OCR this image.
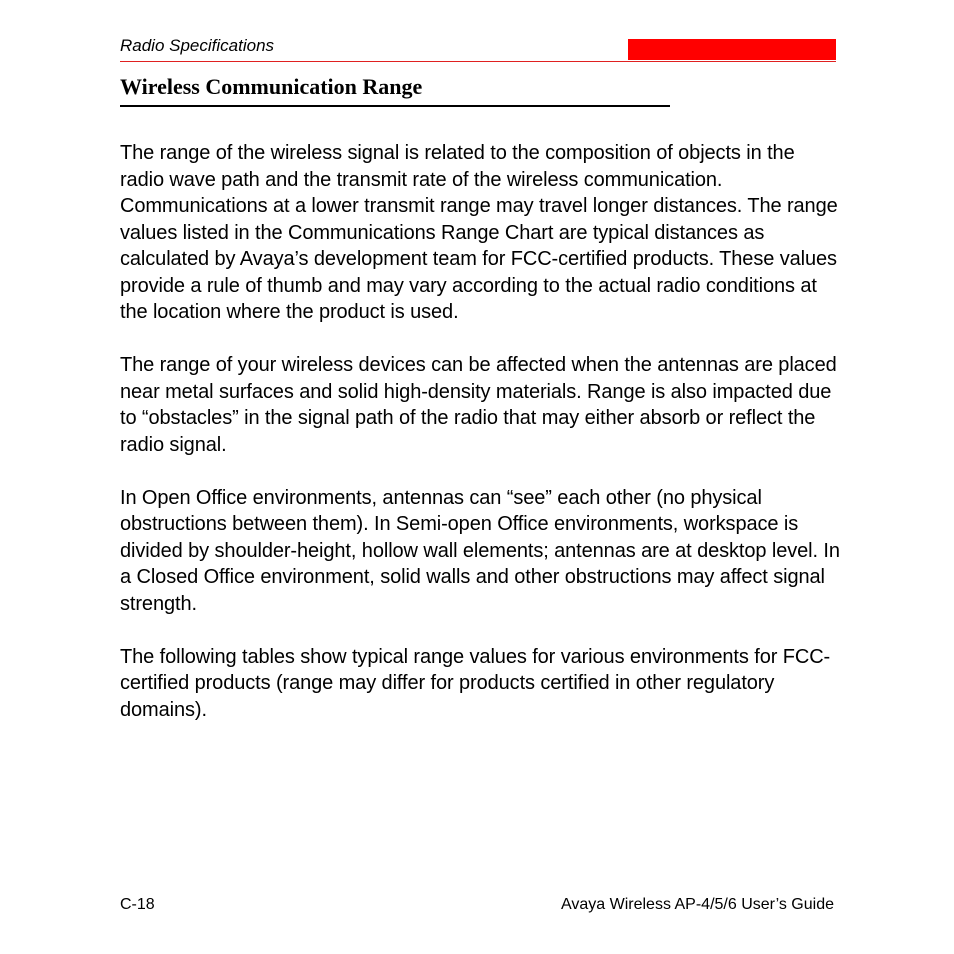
Radio Specifications
Wireless Communication Range

The range of the wireless signal is related to the composition of objects in the radio wave path and the transmit rate of the wireless communication. Communications at a lower transmit range may travel longer distances. The range values listed in the Communications Range Chart are typical distances as calculated by Avaya’s development team for FCC-certified products. These values provide a rule of thumb and may vary according to the actual radio conditions at the location where the product is used.

The range of your wireless devices can be affected when the antennas are placed near metal surfaces and solid high-density materials. Range is also impacted due to “obstacles” in the signal path of the radio that may either absorb or reflect the radio signal.

In Open Office environments, antennas can “see” each other (no physical obstructions between them). In Semi-open Office environments, workspace is divided by shoulder-height, hollow wall elements; antennas are at desktop level. In a Closed Office environment, solid walls and other obstructions may affect signal strength.

The following tables show typical range values for various environments for FCC-certified products (range may differ for products certified in other regulatory domains).

C-18	Avaya Wireless AP-4/5/6 User’s Guide
